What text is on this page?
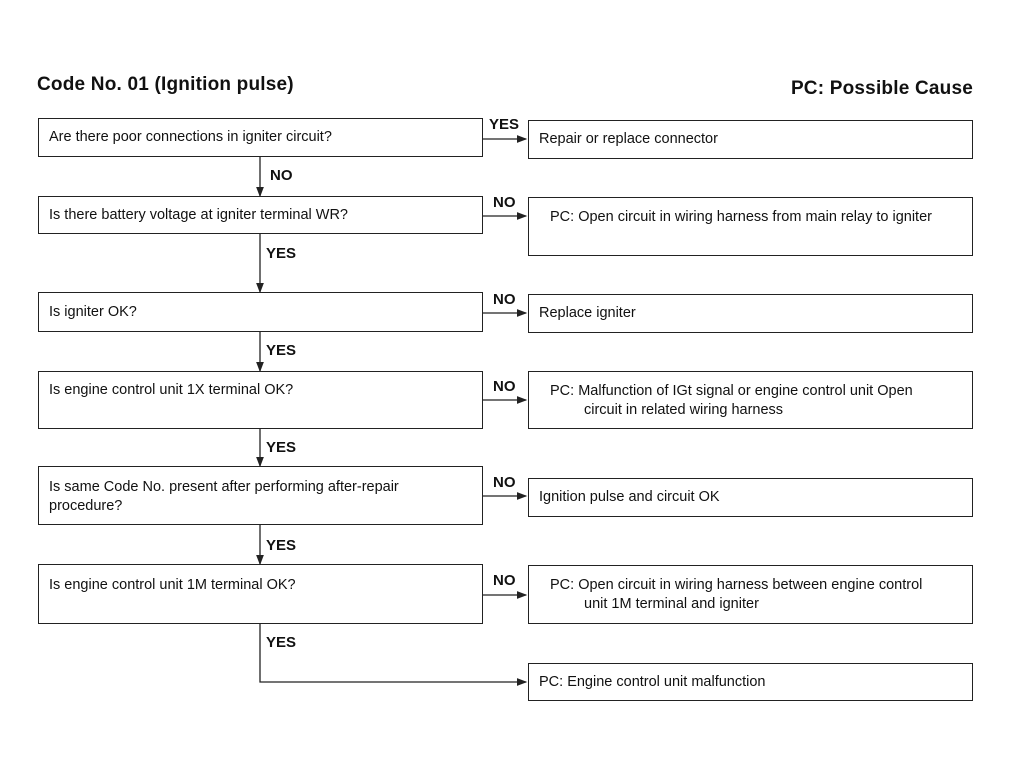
Code No. 01 (Ignition pulse)	PC: Possible Cause
Are there poor connections in igniter circuit?
Is there battery voltage at igniter terminal WR?
Is igniter OK?
Is engine control unit 1X terminal OK?
Is same Code No. present after performing after-repair procedure?
Is engine control unit 1M terminal OK?
Repair or replace connector
PC: Open circuit in wiring harness from main relay to igniter
Replace igniter
PC: Malfunction of IGt signal or engine control unit Open circuit in related wiring harness
Ignition pulse and circuit OK
PC: Open circuit in wiring harness between engine control unit 1M terminal and igniter
PC: Engine control unit malfunction
YES
NO
NO
NO
NO
NO
NO
YES
YES
YES
YES
YES
